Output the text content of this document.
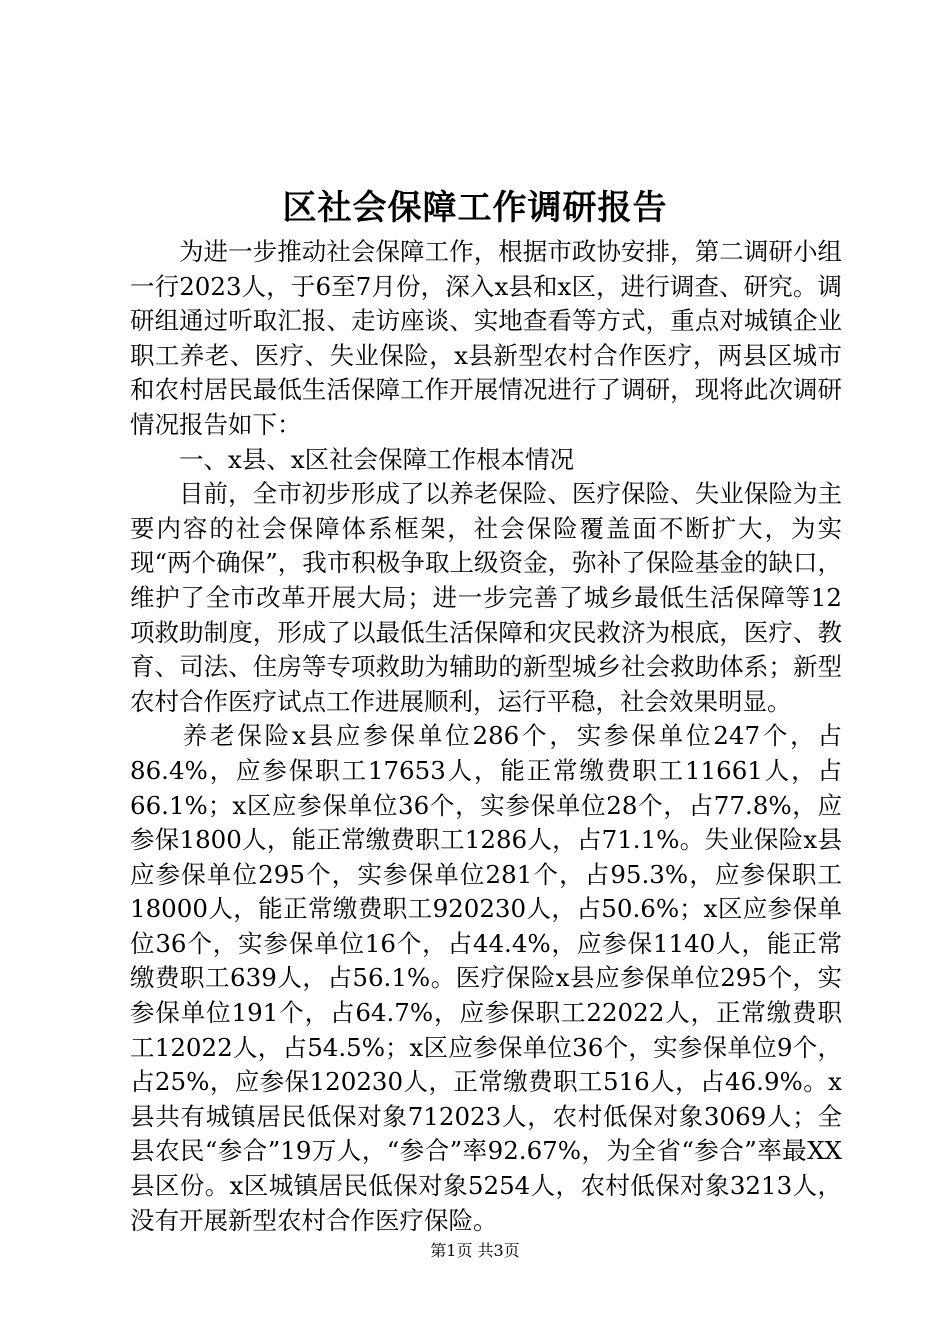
区社会保障工作调研报告

为进一步推动社会保障工作，根据市政协安排，第二调研小组一行2023人，于6至7月份，深入x县和x区，进行调查、研究。调研组通过听取汇报、走访座谈、实地查看等方式，重点对城镇企业职工养老、医疗、失业保险，x县新型农村合作医疗，两县区城市和农村居民最低生活保障工作开展情况进行了调研，现将此次调研情况报告如下：

一、x县、x区社会保障工作根本情况

目前，全市初步形成了以养老保险、医疗保险、失业保险为主要内容的社会保障体系框架，社会保险覆盖面不断扩大，为实现“两个确保”，我市积极争取上级资金，弥补了保险基金的缺口，维护了全市改革开展大局；进一步完善了城乡最低生活保障等12项救助制度，形成了以最低生活保障和灾民救济为根底，医疗、教育、司法、住房等专项救助为辅助的新型城乡社会救助体系；新型农村合作医疗试点工作进展顺利，运行平稳，社会效果明显。

养老保险x县应参保单位286个，实参保单位247个，占86.4%，应参保职工17653人，能正常缴费职工11661人，占66.1%；x区应参保单位36个，实参保单位28个，占77.8%，应参保1800人，能正常缴费职工1286人，占71.1%。失业保险x县应参保单位295个，实参保单位281个，占95.3%，应参保职工18000人，能正常缴费职工920230人，占50.6%；x区应参保单位36个，实参保单位16个，占44.4%，应参保1140人，能正常缴费职工639人，占56.1%。医疗保险x县应参保单位295个，实参保单位191个，占64.7%，应参保职工22022人，正常缴费职工12022人，占54.5%；x区应参保单位36个，实参保单位9个，占25%，应参保120230人，正常缴费职工516人，占46.9%。x县共有城镇居民低保对象712023人，农村低保对象3069人；全县农民“参合”19万人，“参合”率92.67%，为全省“参合”率最XX县区份。x区城镇居民低保对象5254人，农村低保对象3213人，没有开展新型农村合作医疗保险。

第1页 共3页
